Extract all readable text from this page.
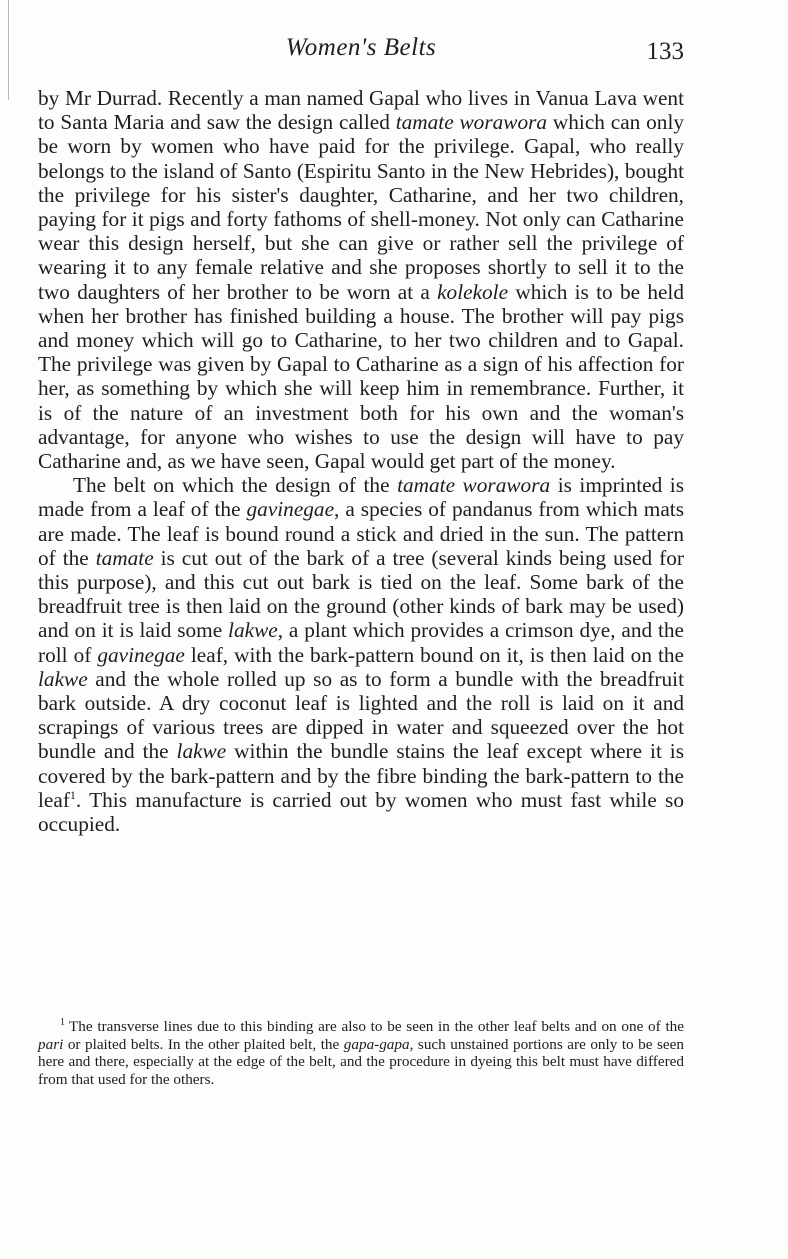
Women's Belts	133

by Mr Durrad. Recently a man named Gapal who lives in Vanua Lava went to Santa Maria and saw the design called tamate worawora which can only be worn by women who have paid for the privilege. Gapal, who really belongs to the island of Santo (Espiritu Santo in the New Hebrides), bought the privilege for his sister's daughter, Catharine, and her two children, paying for it pigs and forty fathoms of shell-money. Not only can Catharine wear this design herself, but she can give or rather sell the privilege of wearing it to any female relative and she proposes shortly to sell it to the two daughters of her brother to be worn at a kolekole which is to be held when her brother has finished building a house. The brother will pay pigs and money which will go to Catharine, to her two children and to Gapal. The privilege was given by Gapal to Catharine as a sign of his affection for her, as something by which she will keep him in remembrance. Further, it is of the nature of an investment both for his own and the woman's advantage, for anyone who wishes to use the design will have to pay Catharine and, as we have seen, Gapal would get part of the money.

The belt on which the design of the tamate worawora is imprinted is made from a leaf of the gavinegae, a species of pandanus from which mats are made. The leaf is bound round a stick and dried in the sun. The pattern of the tamate is cut out of the bark of a tree (several kinds being used for this purpose), and this cut out bark is tied on the leaf. Some bark of the breadfruit tree is then laid on the ground (other kinds of bark may be used) and on it is laid some lakwe, a plant which provides a crimson dye, and the roll of gavinegae leaf, with the bark-pattern bound on it, is then laid on the lakwe and the whole rolled up so as to form a bundle with the breadfruit bark outside. A dry coconut leaf is lighted and the roll is laid on it and scrapings of various trees are dipped in water and squeezed over the hot bundle and the lakwe within the bundle stains the leaf except where it is covered by the bark-pattern and by the fibre binding the bark-pattern to the leaf$^1$. This manufacture is carried out by women who must fast while so occupied.

$^1$ The transverse lines due to this binding are also to be seen in the other leaf belts and on one of the pari or plaited belts. In the other plaited belt, the gapa-gapa, such unstained portions are only to be seen here and there, especially at the edge of the belt, and the procedure in dyeing this belt must have differed from that used for the others.
